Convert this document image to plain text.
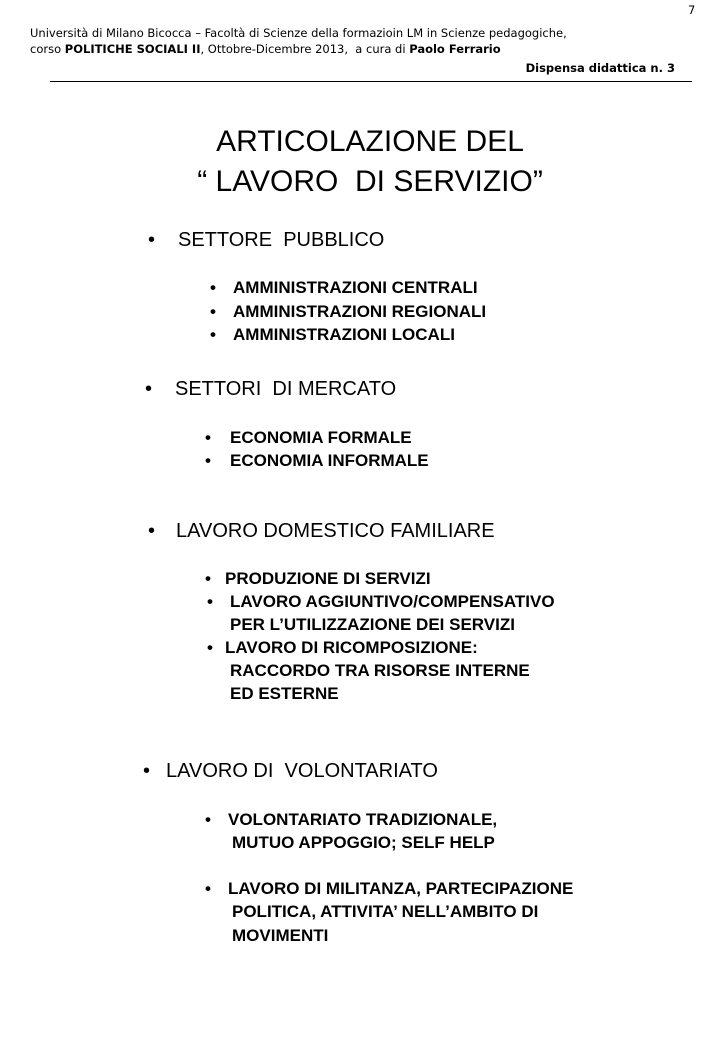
7
Università di Milano Bicocca – Facoltà di Scienze della formazioin LM in Scienze pedagogiche,
corso POLITICHE SOCIALI II, Ottobre-Dicembre 2013,  a cura di Paolo Ferrario
Dispensa didattica n. 3
ARTICOLAZIONE DEL
“ LAVORO  DI SERVIZIO”
• SETTORE  PUBBLICO
• AMMINISTRAZIONI CENTRALI
• AMMINISTRAZIONI REGIONALI
• AMMINISTRAZIONI LOCALI
• SETTORI  DI MERCATO
• ECONOMIA FORMALE
• ECONOMIA INFORMALE
• LAVORO DOMESTICO FAMILIARE
• PRODUZIONE DI SERVIZI
• LAVORO AGGIUNTIVO/COMPENSATIVO
PER L’UTILIZZAZIONE DEI SERVIZI
• LAVORO DI RICOMPOSIZIONE:
RACCORDO TRA RISORSE INTERNE
ED ESTERNE
• LAVORO DI  VOLONTARIATO
• VOLONTARIATO TRADIZIONALE,
MUTUO APPOGGIO; SELF HELP
• LAVORO DI MILITANZA, PARTECIPAZIONE
POLITICA, ATTIVITA’ NELL’AMBITO DI
MOVIMENTI
